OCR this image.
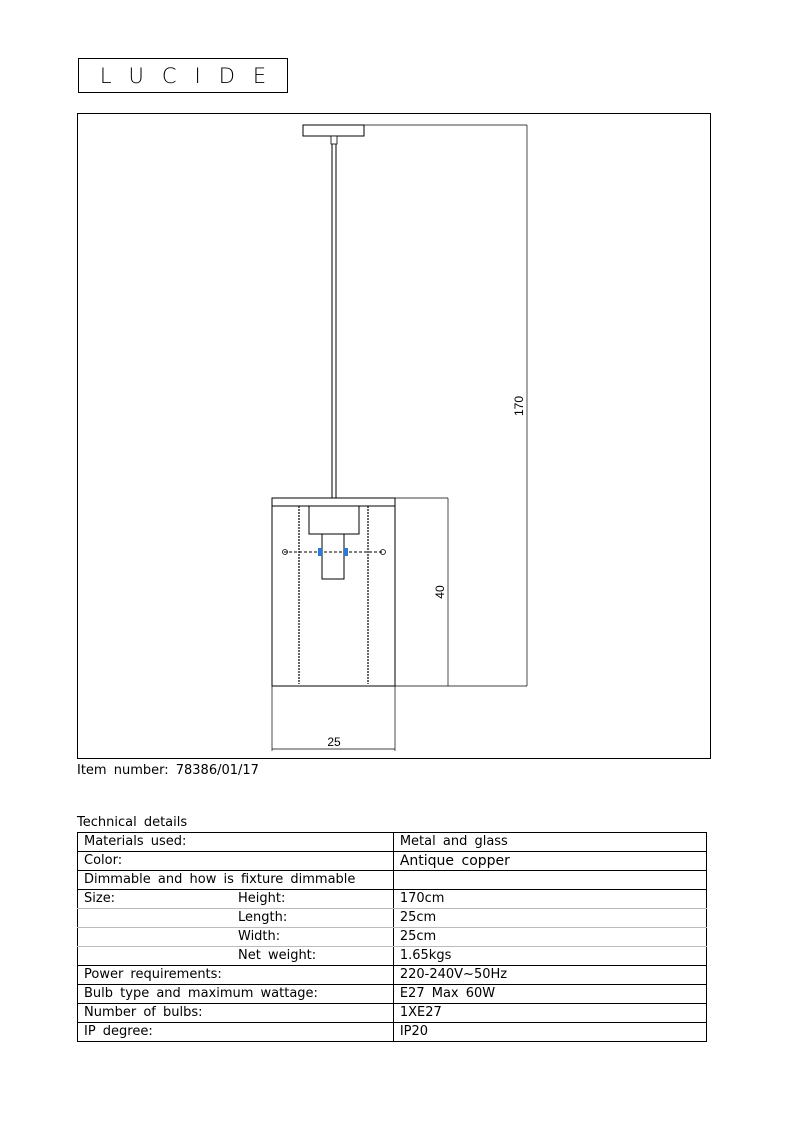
LUCIDE
170
40
25
Item number: 78386/01/17
Technical details
Materials used:	Metal and glass
Color:	Antique copper
Dimmable and how is fixture dimmable	
Size: Height:	170cm

Length:	25cm

Width:	25cm

Net weight:	1.65kgs
Power requirements:	220-240V~50Hz
Bulb type and maximum wattage:	E27 Max 60W
Number of bulbs:	1XE27
IP degree:	IP20
